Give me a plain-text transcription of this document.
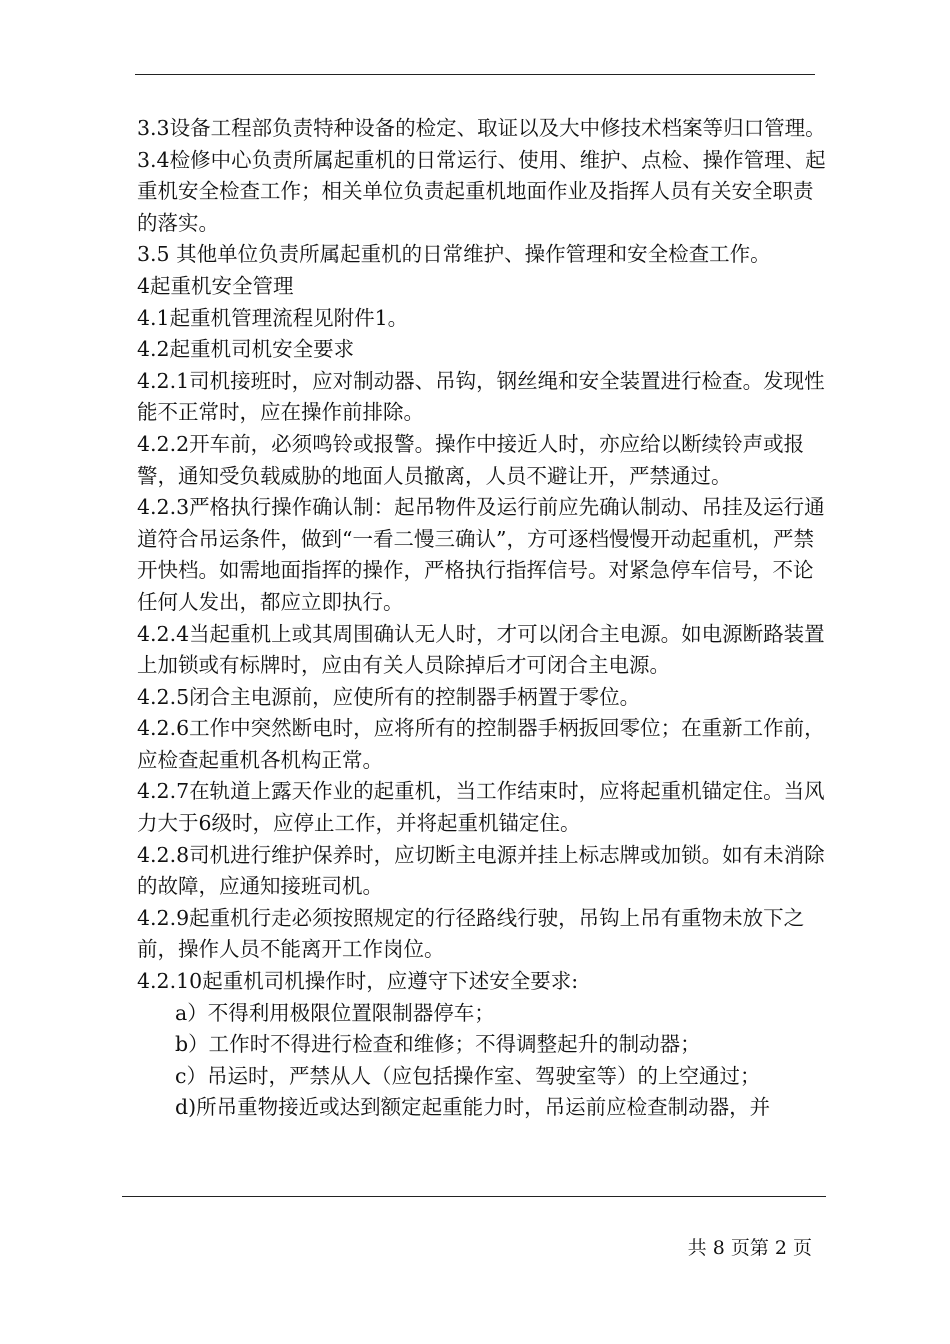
3.3设备工程部负责特种设备的检定、取证以及大中修技术档案等归口管理。

3.4检修中心负责所属起重机的日常运行、使用、维护、点检、操作管理、起重机安全检查工作；相关单位负责起重机地面作业及指挥人员有关安全职责的落实。

3.5 其他单位负责所属起重机的日常维护、操作管理和安全检查工作。

4起重机安全管理

4.1起重机管理流程见附件1。

4.2起重机司机安全要求

4.2.1司机接班时，应对制动器、吊钩，钢丝绳和安全装置进行检查。发现性能不正常时，应在操作前排除。

4.2.2开车前，必须鸣铃或报警。操作中接近人时，亦应给以断续铃声或报警，通知受负载威胁的地面人员撤离，人员不避让开，严禁通过。

4.2.3严格执行操作确认制：起吊物件及运行前应先确认制动、吊挂及运行通道符合吊运条件，做到“一看二慢三确认”，方可逐档慢慢开动起重机，严禁开快档。如需地面指挥的操作，严格执行指挥信号。对紧急停车信号，不论任何人发出，都应立即执行。

4.2.4当起重机上或其周围确认无人时，才可以闭合主电源。如电源断路装置上加锁或有标牌时，应由有关人员除掉后才可闭合主电源。

4.2.5闭合主电源前，应使所有的控制器手柄置于零位。

4.2.6工作中突然断电时，应将所有的控制器手柄扳回零位；在重新工作前，应检查起重机各机构正常。

4.2.7在轨道上露天作业的起重机，当工作结束时，应将起重机锚定住。当风力大于6级时，应停止工作，并将起重机锚定住。

4.2.8司机进行维护保养时，应切断主电源并挂上标志牌或加锁。如有未消除的故障，应通知接班司机。

4.2.9起重机行走必须按照规定的行径路线行驶，吊钩上吊有重物未放下之前，操作人员不能离开工作岗位。

4.2.10起重机司机操作时，应遵守下述安全要求:

a）不得利用极限位置限制器停车；

b）工作时不得进行检查和维修；不得调整起升的制动器；

c）吊运时，严禁从人（应包括操作室、驾驶室等）的上空通过；

d)所吊重物接近或达到额定起重能力时，吊运前应检查制动器，并

共 8 页第 2 页
